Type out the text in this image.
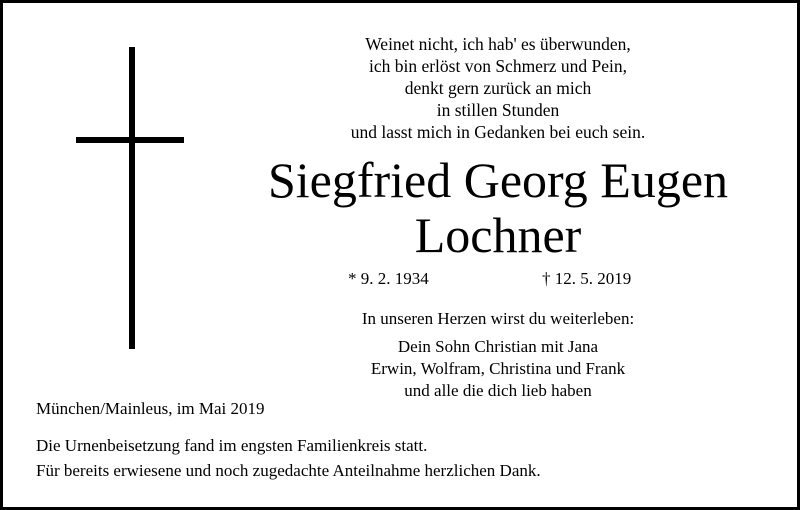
Weinet nicht, ich hab' es überwunden,
ich bin erlöst von Schmerz und Pein,
denkt gern zurück an mich
in stillen Stunden
und lasst mich in Gedanken bei euch sein.
Siegfried Georg Eugen
Lochner
* 9. 2. 1934	† 12. 5. 2019
In unseren Herzen wirst du weiterleben:
Dein Sohn Christian mit Jana
Erwin, Wolfram, Christina und Frank
und alle die dich lieb haben
München/Mainleus, im Mai 2019
Die Urnenbeisetzung fand im engsten Familienkreis statt.
Für bereits erwiesene und noch zugedachte Anteilnahme herzlichen Dank.
